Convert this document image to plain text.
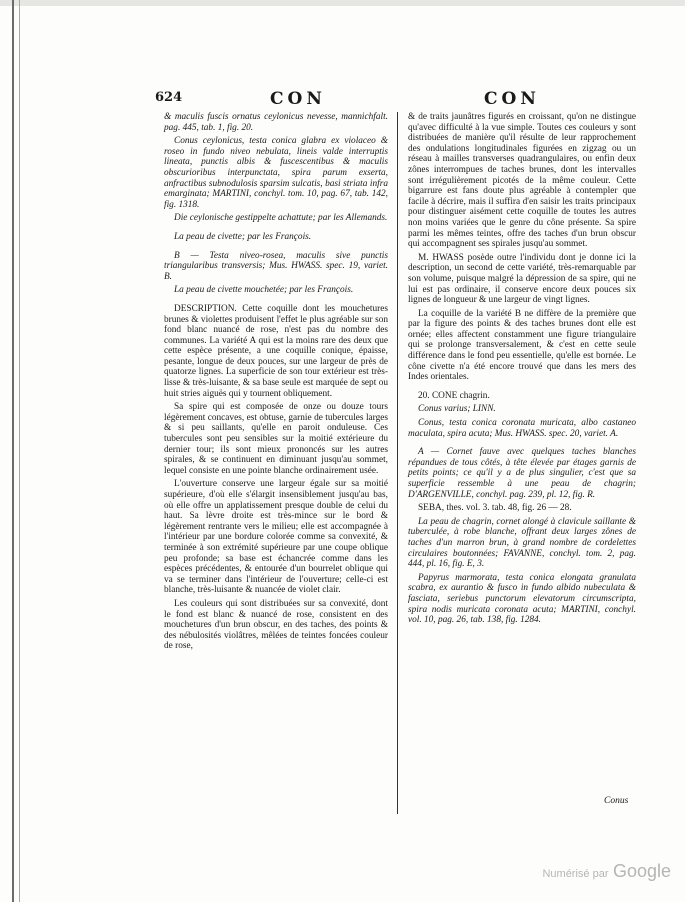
624	CON	CON

& maculis fuscis ornatus ceylonicus nevesse, mannichfalt. pag. 445, tab. 1, fig. 20.

Conus ceylonicus, testa conica glabra ex violaceo & roseo in fundo niveo nebulata, lineis valde interruptis lineata, punctis albis & fuscescentibus & maculis obscurioribus interpunctata, spira parum exserta, anfractibus subnodulosis sparsim sulcatis, basi striata infra emarginata; MARTINI, conchyl. tom. 10, pag. 67, tab. 142, fig. 1318.

Die ceylonische gestippelte achattute; par les Allemands.

La peau de civette; par les François.

B — Testa niveo-rosea, maculis sive punctis triangularibus transversis; Mus. HWASS. spec. 19, variet. B.

La peau de civette mouchetée; par les François.

DESCRIPTION. Cette coquille dont les mouchetures brunes & violettes produisent l'effet le plus agréable sur son fond blanc nuancé de rose, n'est pas du nombre des communes. La variété A qui est la moins rare des deux que cette espèce présente, a une coquille conique, épaisse, pesante, longue de deux pouces, sur une largeur de près de quatorze lignes. La superficie de son tour extérieur est très-lisse & très-luisante, & sa base seule est marquée de sept ou huit stries aiguës qui y tournent obliquement.

Sa spire qui est composée de onze ou douze tours légèrement concaves, est obtuse, garnie de tubercules larges & si peu saillants, qu'elle en paroit onduleuse. Ces tubercules sont peu sensibles sur la moitié extérieure du dernier tour; ils sont mieux prononcés sur les autres spirales, & se continuent en diminuant jusqu'au sommet, lequel consiste en une pointe blanche ordinairement usée.

L'ouverture conserve une largeur égale sur sa moitié supérieure, d'où elle s'élargit insensiblement jusqu'au bas, où elle offre un applatissement presque double de celui du haut. Sa lèvre droite est très-mince sur le bord & légèrement rentrante vers le milieu; elle est accompagnée à l'intérieur par une bordure colorée comme sa convexité, & terminée à son extrémité supérieure par une coupe oblique peu profonde; sa base est échancrée comme dans les espèces précédentes, & entourée d'un bourrelet oblique qui va se terminer dans l'intérieur de l'ouverture; celle-ci est blanche, très-luisante & nuancée de violet clair.

Les couleurs qui sont distribuées sur sa convexité, dont le fond est blanc & nuancé de rose, consistent en des mouchetures d'un brun obscur, en des taches, des points & des nébulosités violâtres, mêlées de teintes foncées couleur de rose,

& de traits jaunâtres figurés en croissant, qu'on ne distingue qu'avec difficulté à la vue simple. Toutes ces couleurs y sont distribuées de manière qu'il résulte de leur rapprochement des ondulations longitudinales figurées en zigzag ou un réseau à mailles transverses quadrangulaires, ou enfin deux zônes interrompues de taches brunes, dont les intervalles sont irrégulièrement picotés de la même couleur. Cette bigarrure est fans doute plus agréable à contempler que facile à décrire, mais il suffira d'en saisir les traits principaux pour distinguer aisément cette coquille de toutes les autres non moins variées que le genre du cône présente. Sa spire parmi les mêmes teintes, offre des taches d'un brun obscur qui accompagnent ses spirales jusqu'au sommet.

M. HWASS posède outre l'individu dont je donne ici la description, un second de cette variété, très-remarquable par son volume, puisque malgré la dépression de sa spire, qui ne lui est pas ordinaire, il conserve encore deux pouces six lignes de longueur & une largeur de vingt lignes.

La coquille de la variété B ne diffère de la première que par la figure des points & des taches brunes dont elle est ornée; elles affectent constamment une figure triangulaire qui se prolonge transversalement, & c'est en cette seule différence dans le fond peu essentielle, qu'elle est bornée. Le cône civette n'a été encore trouvé que dans les mers des Indes orientales.

20. CONE chagrin.

Conus varius; LINN.

Conus, testa conica coronata muricata, albo castaneo maculata, spira acuta; Mus. HWASS. spec. 20, variet. A.

A — Cornet fauve avec quelques taches blanches répandues de tous côtés, à tête élevée par étages garnis de petits points; ce qu'il y a de plus singulier, c'est que sa superficie ressemble à une peau de chagrin; D'ARGENVILLE, conchyl. pag. 239, pl. 12, fig. R.

SEBA, thes. vol. 3. tab. 48, fig. 26 — 28.

La peau de chagrin, cornet alongé à clavicule saillante & tuberculée, à robe blanche, offrant deux larges zônes de taches d'un marron brun, à grand nombre de cordelettes circulaires boutonnées; FAVANNE, conchyl. tom. 2, pag. 444, pl. 16, fig. E, 3.

Papyrus marmorata, testa conica elongata granulata scabra, ex aurantio & fusco in fundo albido nubeculata & fasciata, seriebus punctorum elevatorum circumscripta, spira nodis muricata coronata acuta; MARTINI, conchyl. vol. 10, pag. 26, tab. 138, fig. 1284.

Conus
Numérisé par Google
